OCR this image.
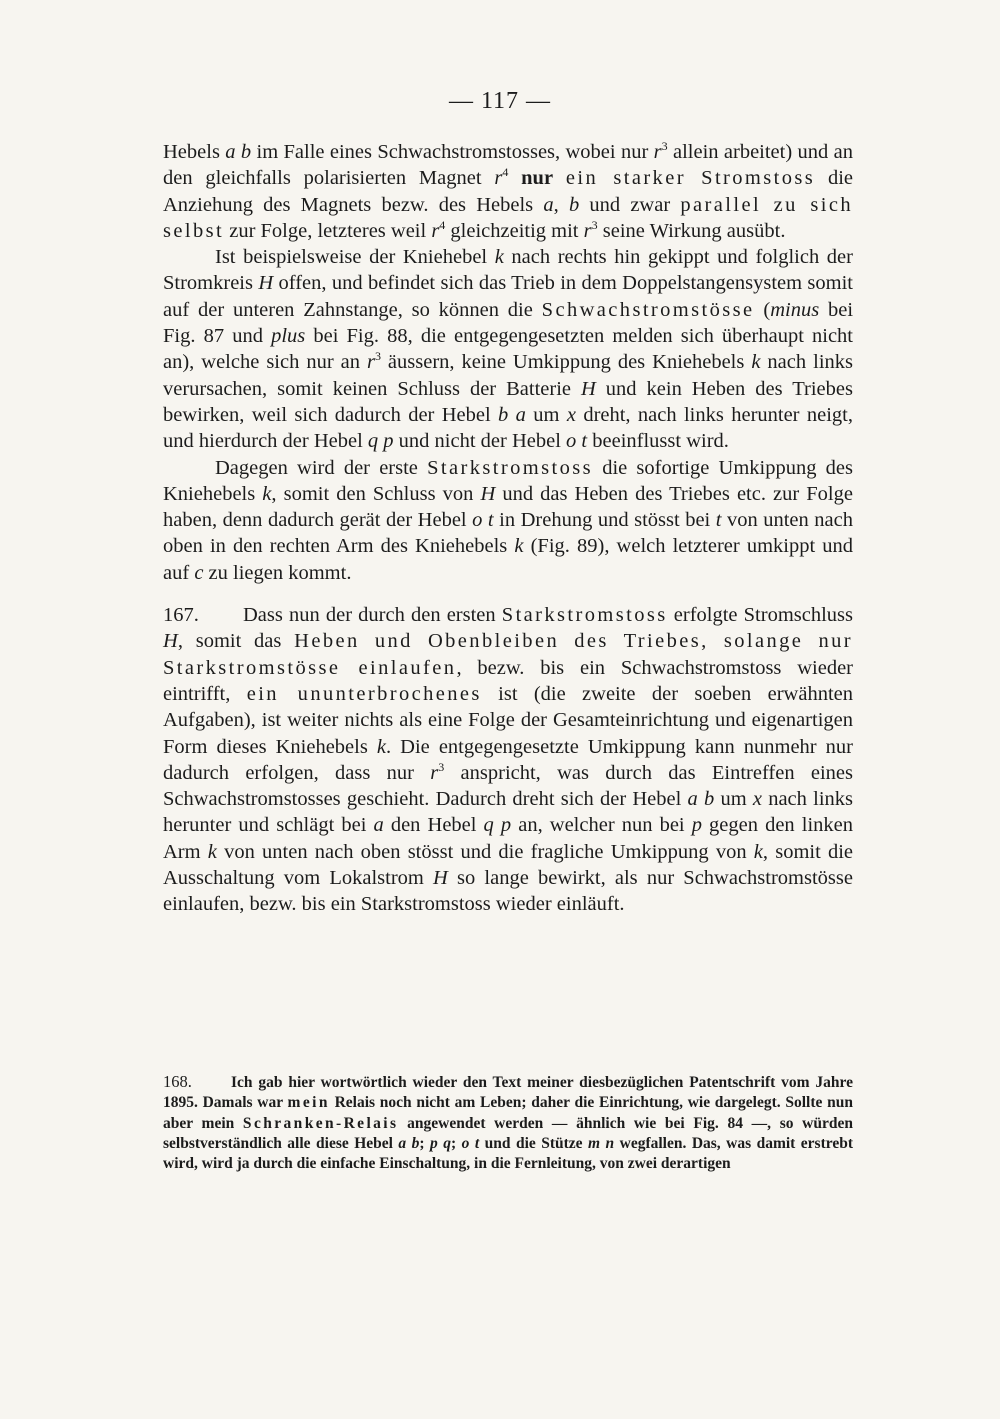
— 117 —

Hebels a b im Falle eines Schwachstromstosses, wobei nur $r^3$ allein arbeitet) und an den gleichfalls polarisierten Magnet $r^4$ nur ein starker Stromstoss die Anziehung des Magnets bezw. des Hebels a, b und zwar parallel zu sich selbst zur Folge, letzteres weil $r^4$ gleichzeitig mit $r^3$ seine Wirkung ausübt.

Ist beispielsweise der Kniehebel k nach rechts hin gekippt und folglich der Stromkreis H offen, und befindet sich das Trieb in dem Doppelstangensystem somit auf der unteren Zahnstange, so können die Schwachstromstösse (minus bei Fig. 87 und plus bei Fig. 88, die entgegengesetzten melden sich überhaupt nicht an), welche sich nur an $r^3$ äussern, keine Umkippung des Kniehebels k nach links verursachen, somit keinen Schluss der Batterie H und kein Heben des Triebes bewirken, weil sich dadurch der Hebel b a um x dreht, nach links herunter neigt, und hierdurch der Hebel q p und nicht der Hebel o t beeinflusst wird.

Dagegen wird der erste Starkstromstoss die sofortige Umkippung des Kniehebels k, somit den Schluss von H und das Heben des Triebes etc. zur Folge haben, denn dadurch gerät der Hebel o t in Drehung und stösst bei t von unten nach oben in den rechten Arm des Kniehebels k (Fig. 89), welch letzterer umkippt und auf c zu liegen kommt.

167. Dass nun der durch den ersten Starkstromstoss erfolgte Stromschluss H, somit das Heben und Obenbleiben des Triebes, solange nur Starkstromstösse einlaufen, bezw. bis ein Schwachstromstoss wieder eintrifft, ein ununterbrochenes ist (die zweite der soeben erwähnten Aufgaben), ist weiter nichts als eine Folge der Gesamteinrichtung und eigenartigen Form dieses Kniehebels k. Die entgegengesetzte Umkippung kann nunmehr nur dadurch erfolgen, dass nur $r^3$ anspricht, was durch das Eintreffen eines Schwachstromstosses geschieht. Dadurch dreht sich der Hebel a b um x nach links herunter und schlägt bei a den Hebel q p an, welcher nun bei p gegen den linken Arm k von unten nach oben stösst und die fragliche Umkippung von k, somit die Ausschaltung vom Lokalstrom H so lange bewirkt, als nur Schwachstromstösse einlaufen, bezw. bis ein Starkstromstoss wieder einläuft.

168.	Ich gab hier wortwörtlich wieder den Text meiner diesbezüglichen Patentschrift vom Jahre 1895. Damals war mein Relais noch nicht am Leben; daher die Einrichtung, wie dargelegt. Sollte nun aber mein Schranken-Relais angewendet werden — ähnlich wie bei Fig. 84 —, so würden selbstverständlich alle diese Hebel a b; p q; o t und die Stütze m n wegfallen. Das, was damit erstrebt wird, wird ja durch die einfache Einschaltung, in die Fernleitung, von zwei derartigen
